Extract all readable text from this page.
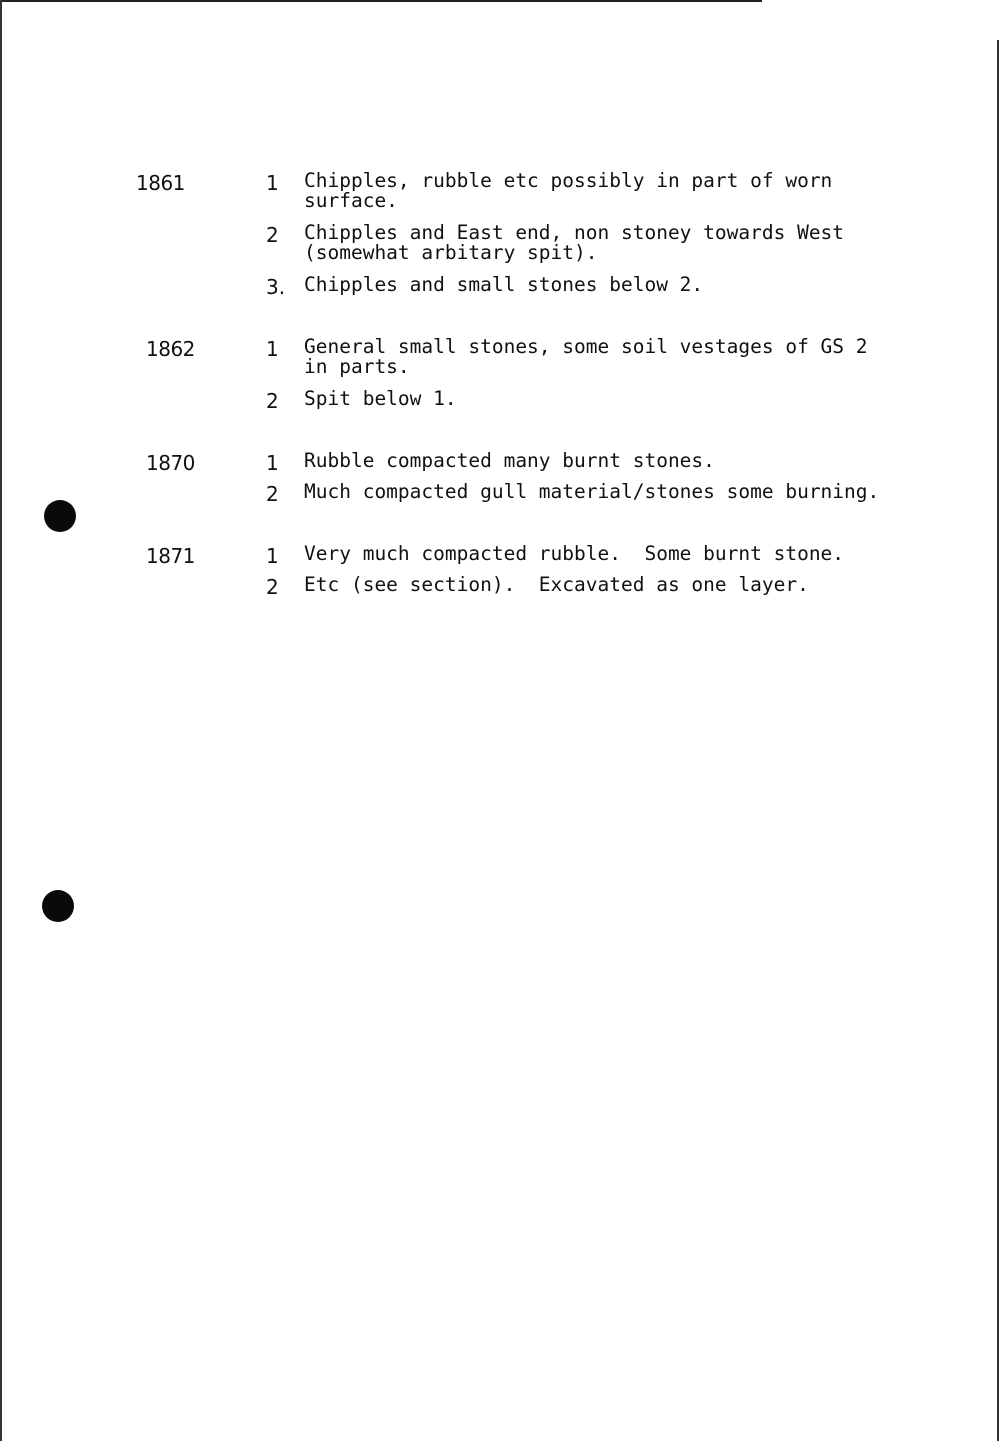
1861	1 Chipples, rubble etc possibly in part of worn
surface.
2 Chipples and East end, non stoney towards West
(somewhat arbitary spit).
3. Chipples and small stones below 2.
1862	1 General small stones, some soil vestages of GS 2
in parts.
2 Spit below 1.
1870	1 Rubble compacted many burnt stones.
2 Much compacted gull material/stones some burning.
1871	1 Very much compacted rubble.  Some burnt stone.
2 Etc (see section).  Excavated as one layer.
